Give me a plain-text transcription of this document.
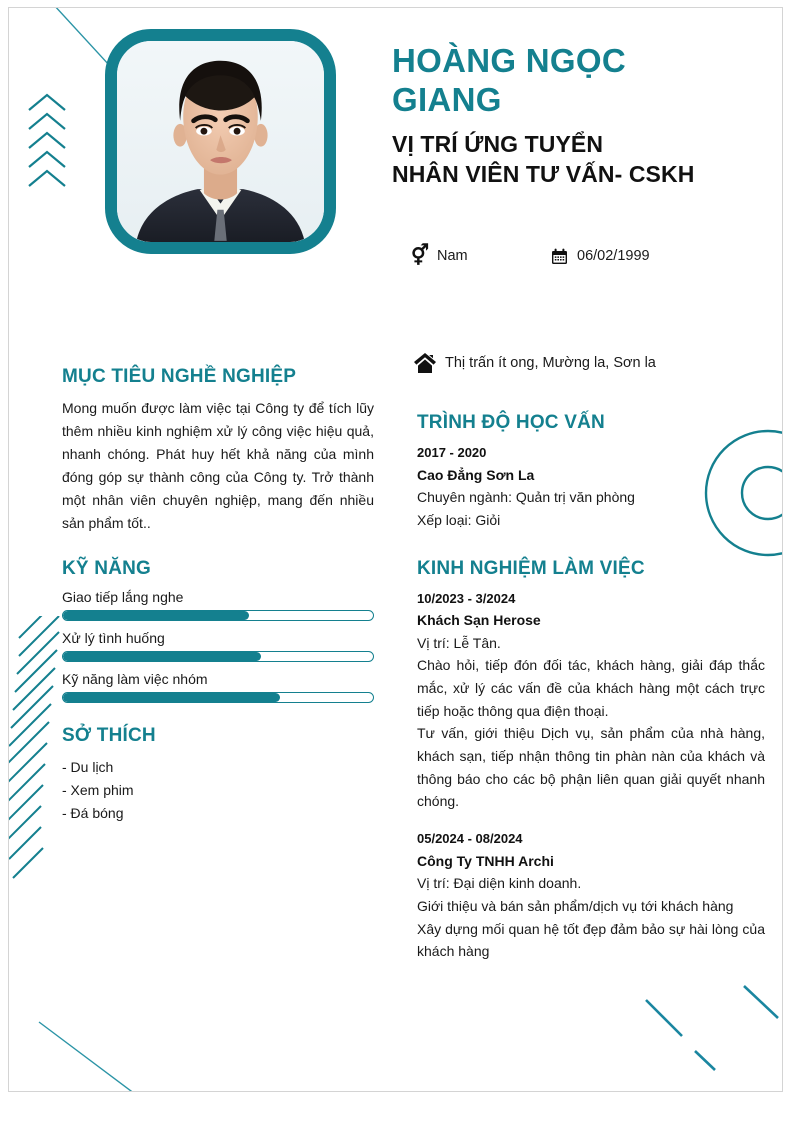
HOÀNG NGỌC
GIANG
VỊ TRÍ ỨNG TUYỂN
NHÂN VIÊN TƯ VẤN- CSKH
⚥ Nam	06/02/1999
Thị trấn ít ong, Mường la, Sơn la
MỤC TIÊU NGHỀ NGHIỆP

Mong muốn được làm việc tại Công ty để tích lũy thêm nhiều kinh nghiệm xử lý công việc hiệu quả, nhanh chóng. Phát huy hết khả năng của mình đóng góp sự thành công của Công ty. Trở thành một nhân viên chuyên nghiệp, mang đến nhiều sản phẩm tốt..

KỸ NĂNG
Giao tiếp lắng nghe
Xử lý tình huống
Kỹ năng làm việc nhóm
SỞ THÍCH
- Du lịch
- Xem phim
- Đá bóng
TRÌNH ĐỘ HỌC VẤN
2017 - 2020
Cao Đẳng Sơn La
Chuyên ngành: Quản trị văn phòng
Xếp loại: Giỏi
KINH NGHIỆM LÀM VIỆC
10/2023 - 3/2024
Khách Sạn Herose
Vị trí: Lễ Tân.

Chào hỏi, tiếp đón đối tác, khách hàng, giải đáp thắc mắc, xử lý các vấn đề của khách hàng một cách trực tiếp hoặc thông qua điện thoại.

Tư vấn, giới thiệu Dịch vụ, sản phẩm của nhà hàng, khách sạn, tiếp nhận thông tin phàn nàn của khách và thông báo cho các bộ phận liên quan giải quyết nhanh chóng.

05/2024 - 08/2024
Công Ty TNHH Archi
Vị trí: Đại diện kinh doanh.
Giới thiệu và bán sản phẩm/dịch vụ tới khách hàng

Xây dựng mối quan hệ tốt đẹp đảm bảo sự hài lòng của khách hàng
